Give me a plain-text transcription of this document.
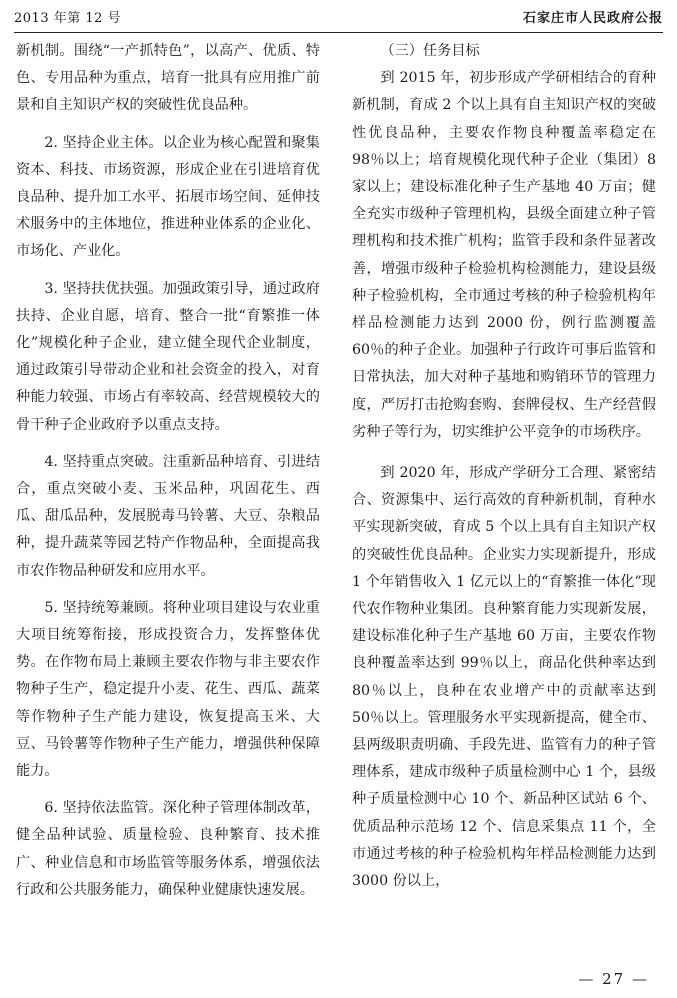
2013 年第 12 号	石家庄市人民政府公报

新机制。围绕“一产抓特色”，以高产、优质、特色、专用品种为重点，培育一批具有应用推广前景和自主知识产权的突破性优良品种。

2. 坚持企业主体。以企业为核心配置和聚集资本、科技、市场资源，形成企业在引进培育优良品种、提升加工水平、拓展市场空间、延伸技术服务中的主体地位，推进种业体系的企业化、市场化、产业化。

3. 坚持扶优扶强。加强政策引导，通过政府扶持、企业自愿，培育、整合一批“育繁推一体化”规模化种子企业，建立健全现代企业制度，通过政策引导带动企业和社会资金的投入，对育种能力较强、市场占有率较高、经营规模较大的骨干种子企业政府予以重点支持。

4. 坚持重点突破。注重新品种培育、引进结合，重点突破小麦、玉米品种，巩固花生、西瓜、甜瓜品种，发展脱毒马铃薯、大豆、杂粮品种，提升蔬菜等园艺特产作物品种，全面提高我市农作物品种研发和应用水平。

5. 坚持统筹兼顾。将种业项目建设与农业重大项目统筹衔接，形成投资合力，发挥整体优势。在作物布局上兼顾主要农作物与非主要农作物种子生产，稳定提升小麦、花生、西瓜、蔬菜等作物种子生产能力建设，恢复提高玉米、大豆、马铃薯等作物种子生产能力，增强供种保障能力。

6. 坚持依法监管。深化种子管理体制改革，健全品种试验、质量检验、良种繁育、技术推广、种业信息和市场监管等服务体系，增强依法行政和公共服务能力，确保种业健康快速发展。

（三）任务目标

到 2015 年，初步形成产学研相结合的育种新机制，育成 2 个以上具有自主知识产权的突破性优良品种，主要农作物良种覆盖率稳定在 98％以上；培育规模化现代种子企业（集团）8 家以上；建设标准化种子生产基地 40 万亩；健全充实市级种子管理机构，县级全面建立种子管理机构和技术推广机构；监管手段和条件显著改善，增强市级种子检验机构检测能力，建设县级种子检验机构，全市通过考核的种子检验机构年样品检测能力达到 2000 份，例行监测覆盖 60％的种子企业。加强种子行政许可事后监管和日常执法，加大对种子基地和购销环节的管理力度，严厉打击抢购套购、套牌侵权、生产经营假劣种子等行为，切实维护公平竞争的市场秩序。

到 2020 年，形成产学研分工合理、紧密结合、资源集中、运行高效的育种新机制，育种水平实现新突破，育成 5 个以上具有自主知识产权的突破性优良品种。企业实力实现新提升，形成 1 个年销售收入 1 亿元以上的“育繁推一体化”现代农作物种业集团。良种繁育能力实现新发展，建设标准化种子生产基地 60 万亩，主要农作物良种覆盖率达到 99％以上，商品化供种率达到 80％以上，良种在农业增产中的贡献率达到 50％以上。管理服务水平实现新提高，健全市、县两级职责明确、手段先进、监管有力的种子管理体系，建成市级种子质量检测中心 1 个，县级种子质量检测中心 10 个、新品种区试站 6 个、优质品种示范场 12 个、信息采集点 11 个，全市通过考核的种子检验机构年样品检测能力达到 3000 份以上，

— 27 —
